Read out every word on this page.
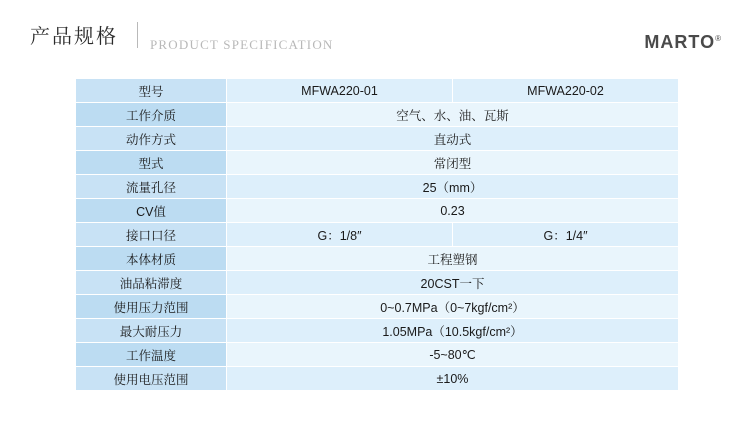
产品规格 PRODUCT SPECIFICATION	MARTO®
型号	MFWA220-01	MFWA220-02
工作介质	空气、水、油、瓦斯	
动作方式	直动式	
型式	常闭型	
流量孔径	25（mm）	
CV值	0.23	
接口口径	G：1/8″	G：1/4″
本体材质	工程塑钢	
油品粘滞度	20CST一下	
使用压力范围	0~0.7MPa（0~7kgf/cm²）	
最大耐压力	1.05MPa（10.5kgf/cm²）	
工作温度	-5~80℃	
使用电压范围	±10%	
